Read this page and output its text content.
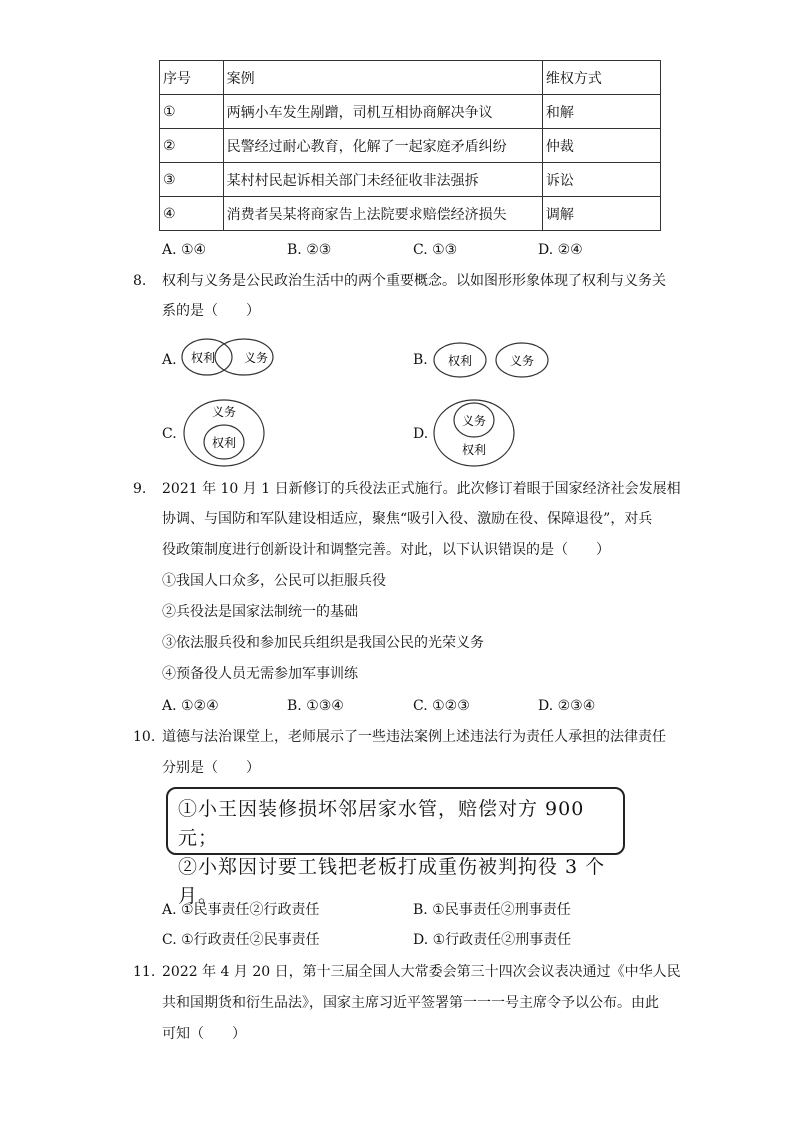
序号	案例	维权方式
①	两辆小车发生剐蹭，司机互相协商解决争议	和解
②	民警经过耐心教育，化解了一起家庭矛盾纠纷	仲裁
③	某村村民起诉相关部门未经征收非法强拆	诉讼
④	消费者吴某将商家告上法院要求赔偿经济损失	调解
A. ①④	B. ②③	C. ①③	D. ②④
8. 权利与义务是公民政治生活中的两个重要概念。以如图形形象体现了权利与义务关
系的是（　　）
A. 权利 义务	B. 权利	义务
C.
义务
权利
D.
义务
权利
9. 2021 年 10 月 1 日新修订的兵役法正式施行。此次修订着眼于国家经济社会发展相
协调、与国防和军队建设相适应，聚焦“吸引入役、激励在役、保障退役”，对兵
役政策制度进行创新设计和调整完善。对此，以下认识错误的是（　　）
①我国人口众多，公民可以拒服兵役
②兵役法是国家法制统一的基础
③依法服兵役和参加民兵组织是我国公民的光荣义务
④预备役人员无需参加军事训练
A. ①②④	B. ①③④	C. ①②③	D. ②③④
10. 道德与法治课堂上，老师展示了一些违法案例上述违法行为责任人承担的法律责任
分别是（　　）
①小王因装修损坏邻居家水管，赔偿对方 900 元；
②小郑因讨要工钱把老板打成重伤被判拘役 3 个月。
A. ①民事责任②行政责任	B. ①民事责任②刑事责任
C. ①行政责任②民事责任	D. ①行政责任②刑事责任
11. 2022 年 4 月 20 日，第十三届全国人大常委会第三十四次会议表决通过《中华人民
共和国期货和衍生品法》，国家主席习近平签署第一一一号主席令予以公布。由此
可知（　　）
